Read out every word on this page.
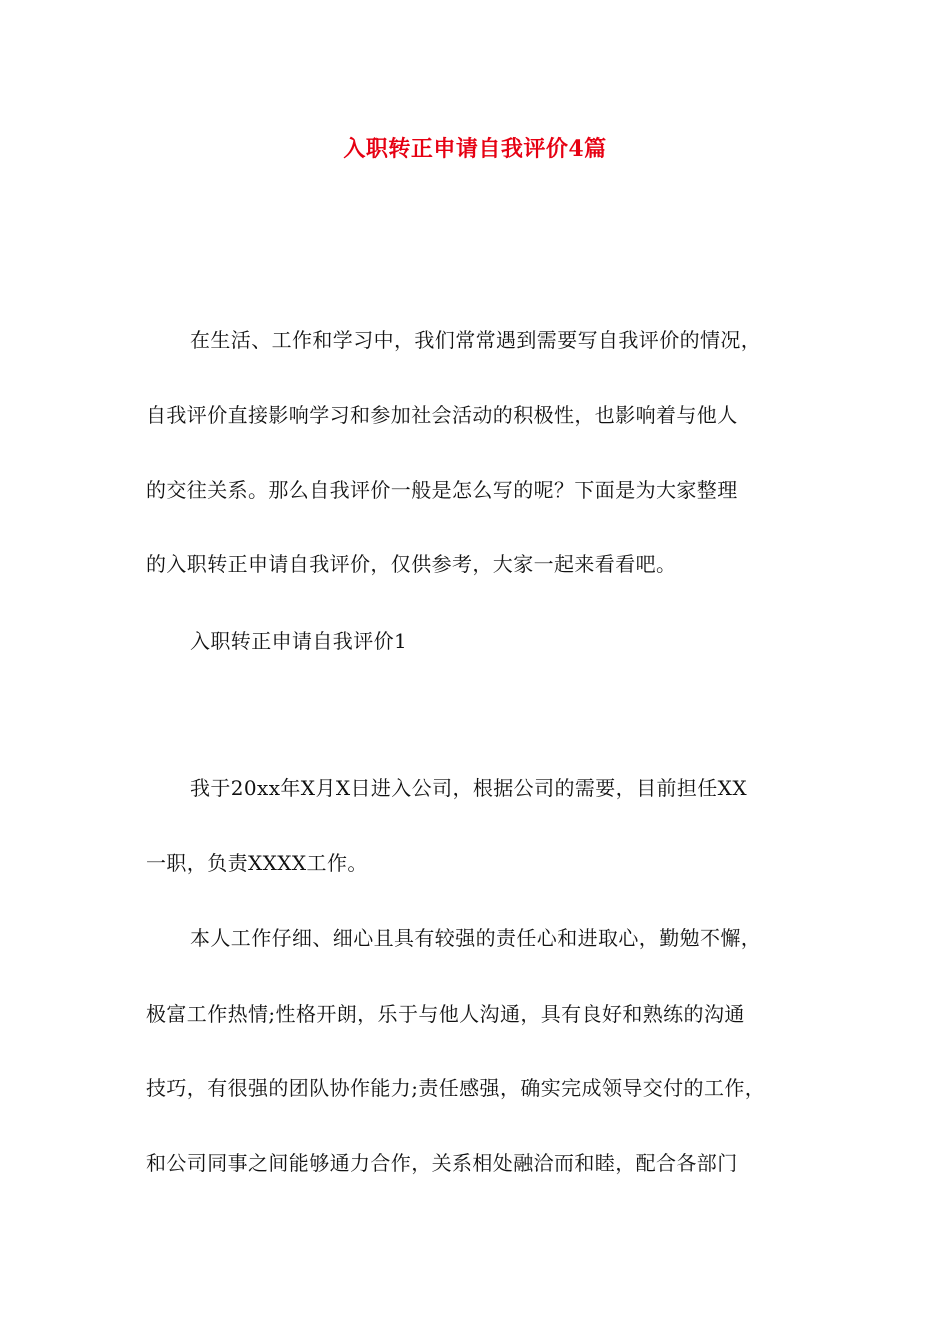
入职转正申请自我评价4篇
在生活、工作和学习中，我们常常遇到需要写自我评价的情况，
自我评价直接影响学习和参加社会活动的积极性，也影响着与他人
的交往关系。那么自我评价一般是怎么写的呢？下面是为大家整理
的入职转正申请自我评价，仅供参考，大家一起来看看吧。
入职转正申请自我评价1
我于20xx年X月X日进入公司，根据公司的需要，目前担任XX
一职，负责XXXX工作。
本人工作仔细、细心且具有较强的责任心和进取心，勤勉不懈，
极富工作热情;性格开朗，乐于与他人沟通，具有良好和熟练的沟通
技巧，有很强的团队协作能力;责任感强，确实完成领导交付的工作，
和公司同事之间能够通力合作，关系相处融洽而和睦，配合各部门
